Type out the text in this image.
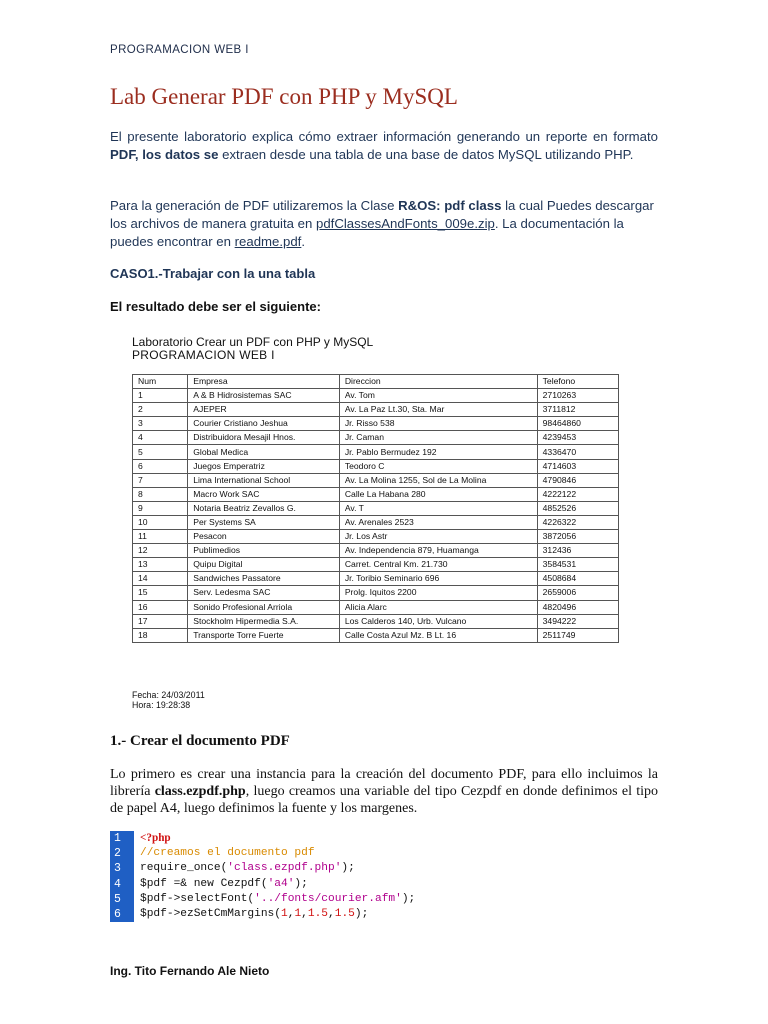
PROGRAMACION WEB I
Lab Generar PDF con PHP y MySQL
El presente laboratorio explica cómo extraer información generando un reporte en formato PDF, los datos se extraen desde una tabla de una base de datos MySQL utilizando PHP.
Para la generación de PDF utilizaremos la Clase R&OS: pdf class la cual Puedes descargar los archivos de manera gratuita en pdfClassesAndFonts_009e.zip. La documentación la puedes encontrar en readme.pdf.
CASO1.-Trabajar con la una tabla
El resultado debe ser el siguiente:
Laboratorio Crear un PDF con PHP y MySQL
PROGRAMACION WEB I
Num	Empresa	Direccion	Telefono
1	A & B Hidrosistemas SAC	Av. Tom	2710263
2	AJEPER	Av. La Paz Lt.30, Sta. Mar	3711812
3	Courier Cristiano Jeshua	Jr. Risso 538	98464860
4	Distribuidora Mesajil Hnos.	Jr. Caman	4239453
5	Global Medica	Jr. Pablo Bermudez 192	4336470
6	Juegos Emperatriz	Teodoro C	4714603
7	Lima International School	Av. La Molina 1255, Sol de La Molina	4790846
8	Macro Work SAC	Calle La Habana 280	4222122
9	Notaria Beatriz Zevallos G.	Av. T	4852526
10	Per Systems SA	Av. Arenales 2523	4226322
11	Pesacon	Jr. Los Astr	3872056
12	Publimedios	Av. Independencia 879, Huamanga	312436
13	Quipu Digital	Carret. Central Km. 21.730	3584531
14	Sandwiches Passatore	Jr. Toribio Seminario 696	4508684
15	Serv. Ledesma SAC	Prolg. Iquitos 2200	2659006
16	Sonido Profesional Arriola	Alicia Alarc	4820496
17	Stockholm Hipermedia S.A.	Los Calderos 140, Urb. Vulcano	3494222
18	Transporte Torre Fuerte	Calle Costa Azul Mz. B Lt. 16	2511749
Fecha: 24/03/2011
Hora: 19:28:38
1.- Crear el documento PDF
Lo primero es crear una instancia para la creación del documento PDF, para ello incluimos la librería class.ezpdf.php, luego creamos una variable del tipo Cezpdf en donde definimos el tipo de papel A4, luego definimos la fuente y los margenes.
1	<?php
2	//creamos el documento pdf
3	require_once('class.ezpdf.php');
4	$pdf =& new Cezpdf('a4');
5	$pdf->selectFont('../fonts/courier.afm');
6	$pdf->ezSetCmMargins(1,1,1.5,1.5);
Ing. Tito Fernando Ale Nieto
